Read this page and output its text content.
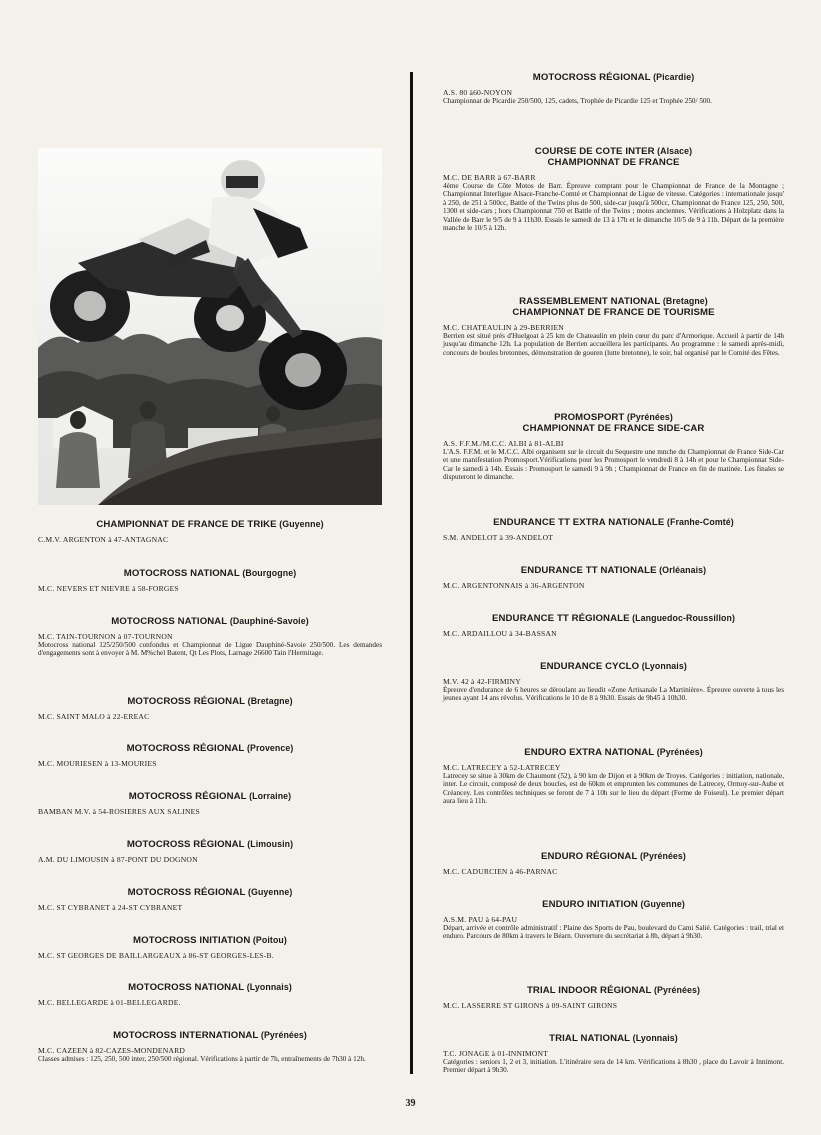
CHAMPIONNAT DE FRANCE DE TRIKE (Guyenne)
C.M.V. ARGENTON à 47-ANTAGNAC
MOTOCROSS NATIONAL (Bourgogne)
M.C. NEVERS ET NIEVRE à 58-FORGES
MOTOCROSS NATIONAL (Dauphiné-Savoie)
M.C. TAIN-TOURNON à 07-TOURNON
Motocross national 125/250/500 confondus et Championnat de Ligue Dauphiné-Savoie 250/500. Les demandes d'engagements sont à envoyer à M. M%chel Batent, Qt Les Plots, Larnage 26600 Tain l'Hermitage.
MOTOCROSS RÉGIONAL (Bretagne)
M.C. SAINT MALO à 22-EREAC
MOTOCROSS RÉGIONAL (Provence)
M.C. MOURIESEN à 13-MOURIES
MOTOCROSS RÉGIONAL (Lorraine)
BAMBAN M.V. à 54-ROSIERES AUX SALINES
MOTOCROSS RÉGIONAL (Limousin)
A.M. DU LIMOUSIN à 87-PONT DU DOGNON
MOTOCROSS RÉGIONAL (Guyenne)
M.C. ST CYBRANET à 24-ST CYBRANET
MOTOCROSS INITIATION (Poitou)
M.C. ST GEORGES DE BAILLARGEAUX à 86-ST GEORGES-LES-B.
MOTOCROSS NATIONAL (Lyonnais)
M.C. BELLEGARDE à 01-BELLEGARDE.
MOTOCROSS INTERNATIONAL (Pyrénées)
M.C. CAZEEN à 82-CAZES-MONDENARD
Classes admises : 125, 250, 500 inter, 250/500 régional. Vérifications à partir de 7h, entraînements de 7h30 à 12h.
MOTOCROSS RÉGIONAL (Picardie)
A.S. 80 à60-NOYON
Championnat de Picardie 250/500, 125, cadets, Trophée de Picardie 125 et Trophée 250/ 500.
COURSE DE COTE INTER (Alsace)
CHAMPIONNAT DE FRANCE
M.C. DE BARR à 67-BARR
4ème Course de Côte Motos de Barr. Épreuve comptant pour le Championnat de France de la Montagne ; Championnat Interligue Alsace-Franche-Comté et Championnat de Ligue de vitesse. Catégories : internationale jusqu' à 250, de 251 à 500cc, Battle of the Twins plus de 500, side-car jusqu'à 500cc, Championnat de France 125, 250, 500, 1300 et side-cars ; hors Championnat 750 et Battle of the Twins ; motos anciennes. Vérifications à Holzplatz dans la Vallée de Barr le 9/5 de 9 à 11h30. Essais le samedi de 13 à 17h et le dimanche 10/5 de 9 à 11h. Départ de la première manche le 10/5 à 12h.
RASSEMBLEMENT NATIONAL (Bretagne)
CHAMPIONNAT DE FRANCE DE TOURISME
M.C. CHATEAULIN à 29-BERRIEN
Berrien est situé près d'Huelgoat à 25 km de Chateaulin en plein cœur du parc d'Armorique. Accueil à partir de 14h jusqu'au dimanche 12h. La population de Berrien accueillera les participants. Au programme : le samedi après-midi, concours de boules bretonnes, démonstration de gouren (lutte bretonne), le soir, bal organisé par le Comité des Fêtes.
PROMOSPORT (Pyrénées)
CHAMPIONNAT DE FRANCE SIDE-CAR
A.S. F.F.M./M.C.C. ALBI à 81-ALBI
L'A.S. F.F.M. et le M.C.C. Albi organisent sur le circuit du Sequestre une mnche du Championnat de France Side-Car et une manifestation Promosport.Vérifications pour les Promosport le vendredi 8 à 14h et pour le Championnat Side-Car le samedi à 14h. Essais : Promosport le samedi 9 à 9h ; Championnat de France en fin de matinée. Les finales se disputeront le dimanche.
ENDURANCE TT EXTRA NATIONALE (Franhe-Comté)
S.M. ANDELOT à 39-ANDELOT
ENDURANCE TT NATIONALE (Orléanais)
M.C. ARGENTONNAIS à 36-ARGENTON
ENDURANCE TT RÉGIONALE (Languedoc-Roussillon)
M.C. ARDAILLOU à 34-BASSAN
ENDURANCE CYCLO (Lyonnais)
M.V. 42 à 42-FIRMINY
Épreuve d'endurance de 6 heures se déroulant au lieudit «Zone Artisanale La Martinière». Épreuve ouverte à tous les jeunes ayant 14 ans révolus. Vérifications le 10 de 8 à 9h30. Essais de 9h45 à 10h30.
ENDURO EXTRA NATIONAL (Pyrénées)
M.C. LATRECEY à 52-LATRECEY
Latrecey se situe à 30km de Chaumont (52), à 90 km de Dijon et à 90km de Troyes. Catégories : initiation, nationale, inter. Le circuit, composé de deux boucles, est de 60km et emprunten les communes de Latrecey, Ormoy-sur-Aube et Créancey. Les contrôles techniques se feront de 7 à 10h sur le lieu du départ (Ferme de Foiseul). Le premier départ aura lieu à 11h.
ENDURO RÉGIONAL (Pyrénées)
M.C. CADURCIEN à 46-PARNAC
ENDURO INITIATION (Guyenne)
A.S.M. PAU à 64-PAU
Départ, arrivée et contrôle administratif : Plaine des Sports de Pau, boulevard du Cami Salié. Catégories : trail, trial et enduro. Parcours de 80km à travers le Béarn. Ouverture du secrétariat à 8h, départ à 9h30.
TRIAL INDOOR RÉGIONAL (Pyrénées)
M.C. LASSERRE ST GIRONS à 09-SAINT GIRONS
TRIAL NATIONAL (Lyonnais)
T.C. JONAGE à 01-INNIMONT
Catégories : seniors 1, 2 et 3, initiation. L'itinéraire sera de 14 km. Vérifications à 8h30 , place du Lavoir à Innimont. Premier départ à 9h30.
39
